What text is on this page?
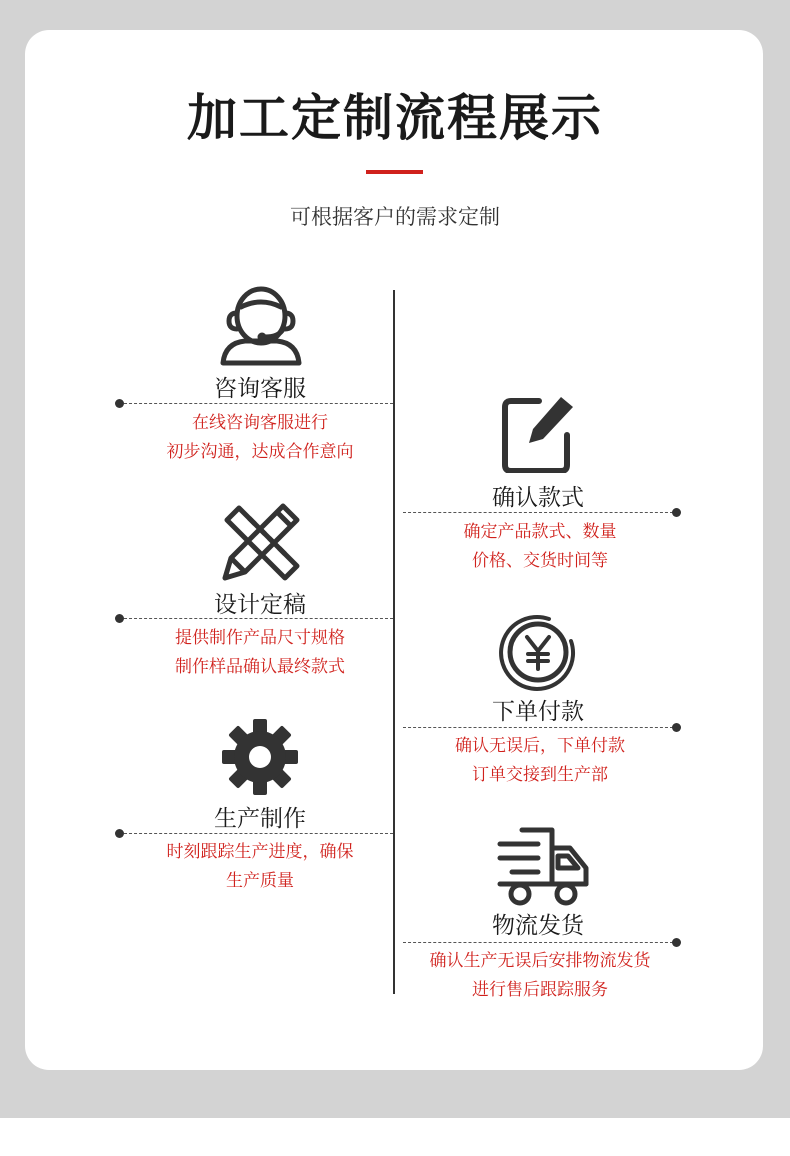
加工定制流程展示
可根据客户的需求定制
咨询客服
在线咨询客服进行
初步沟通，达成合作意向
确认款式
确定产品款式、数量
价格、交货时间等
设计定稿
提供制作产品尺寸规格
制作样品确认最终款式
下单付款
确认无误后，下单付款
订单交接到生产部
生产制作
时刻跟踪生产进度，确保
生产质量
物流发货
确认生产无误后安排物流发货
进行售后跟踪服务
